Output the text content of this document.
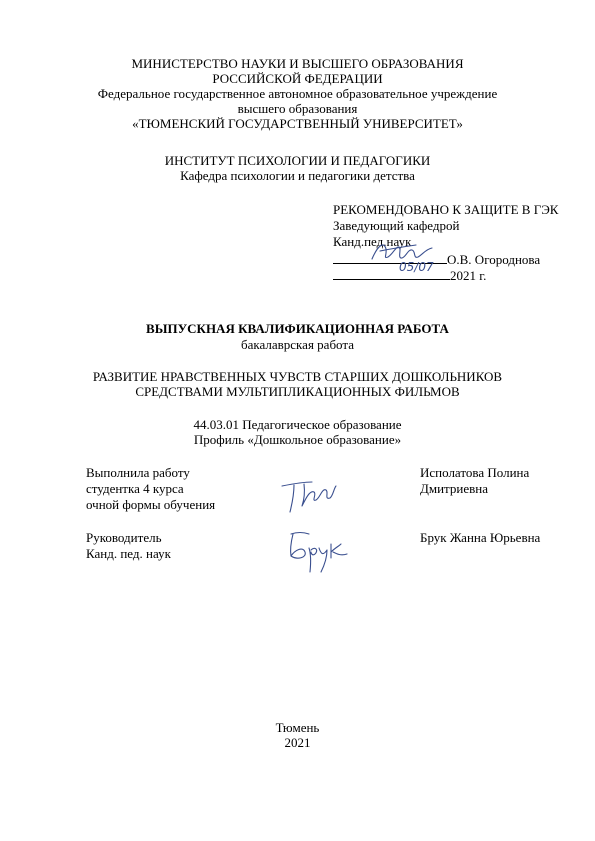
МИНИСТЕРСТВО НАУКИ И ВЫСШЕГО ОБРАЗОВАНИЯ
РОССИЙСКОЙ ФЕДЕРАЦИИ
Федеральное государственное автономное образовательное учреждение
высшего образования
«ТЮМЕНСКИЙ ГОСУДАРСТВЕННЫЙ УНИВЕРСИТЕТ»
ИНСТИТУТ ПСИХОЛОГИИ И ПЕДАГОГИКИ
Кафедра психологии и педагогики детства
РЕКОМЕНДОВАНО К ЗАЩИТЕ В ГЭК
Заведующий кафедрой
Канд.пед.наук
О.В. Огороднова
2021 г.
05/07
ВЫПУСКНАЯ КВАЛИФИКАЦИОННАЯ РАБОТА
бакалаврская работа
РАЗВИТИЕ НРАВСТВЕННЫХ ЧУВСТВ СТАРШИХ ДОШКОЛЬНИКОВ
СРЕДСТВАМИ МУЛЬТИПЛИКАЦИОННЫХ ФИЛЬМОВ
44.03.01 Педагогическое образование
Профиль «Дошкольное образование»
Выполнила работу
студентка 4 курса
очной формы обучения
Исполатова Полина
Дмитриевна
Руководитель
Канд. пед. наук
Брук Жанна Юрьевна
Тюмень
2021
